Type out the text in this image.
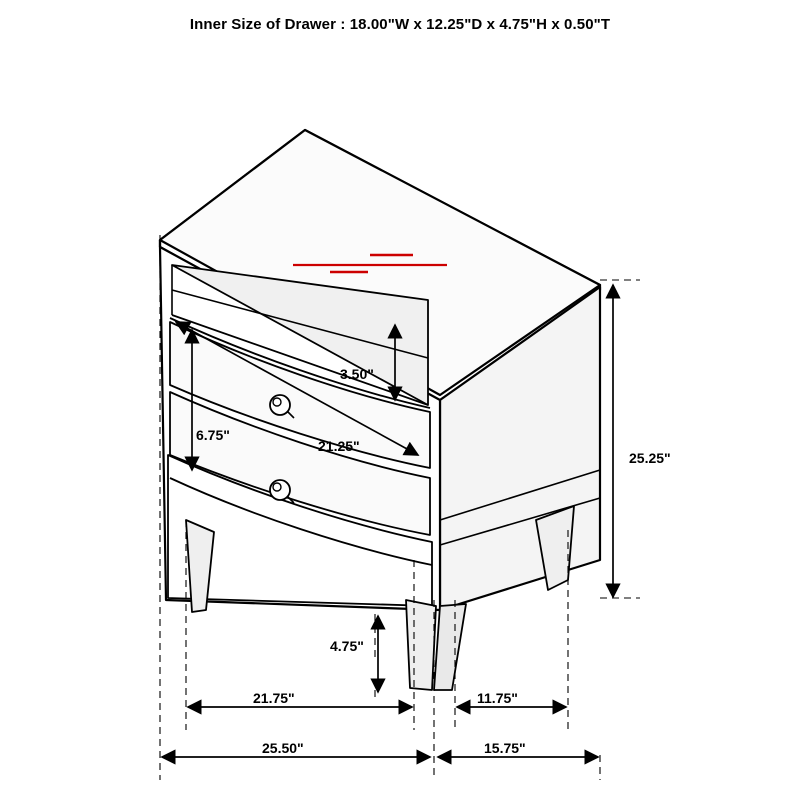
Inner Size of Drawer : 18.00"W x 12.25"D x 4.75"H x 0.50"T
25.25"
3.50"
6.75"
21.25"
4.75"
21.75"	11.75"
25.50"	15.75"
